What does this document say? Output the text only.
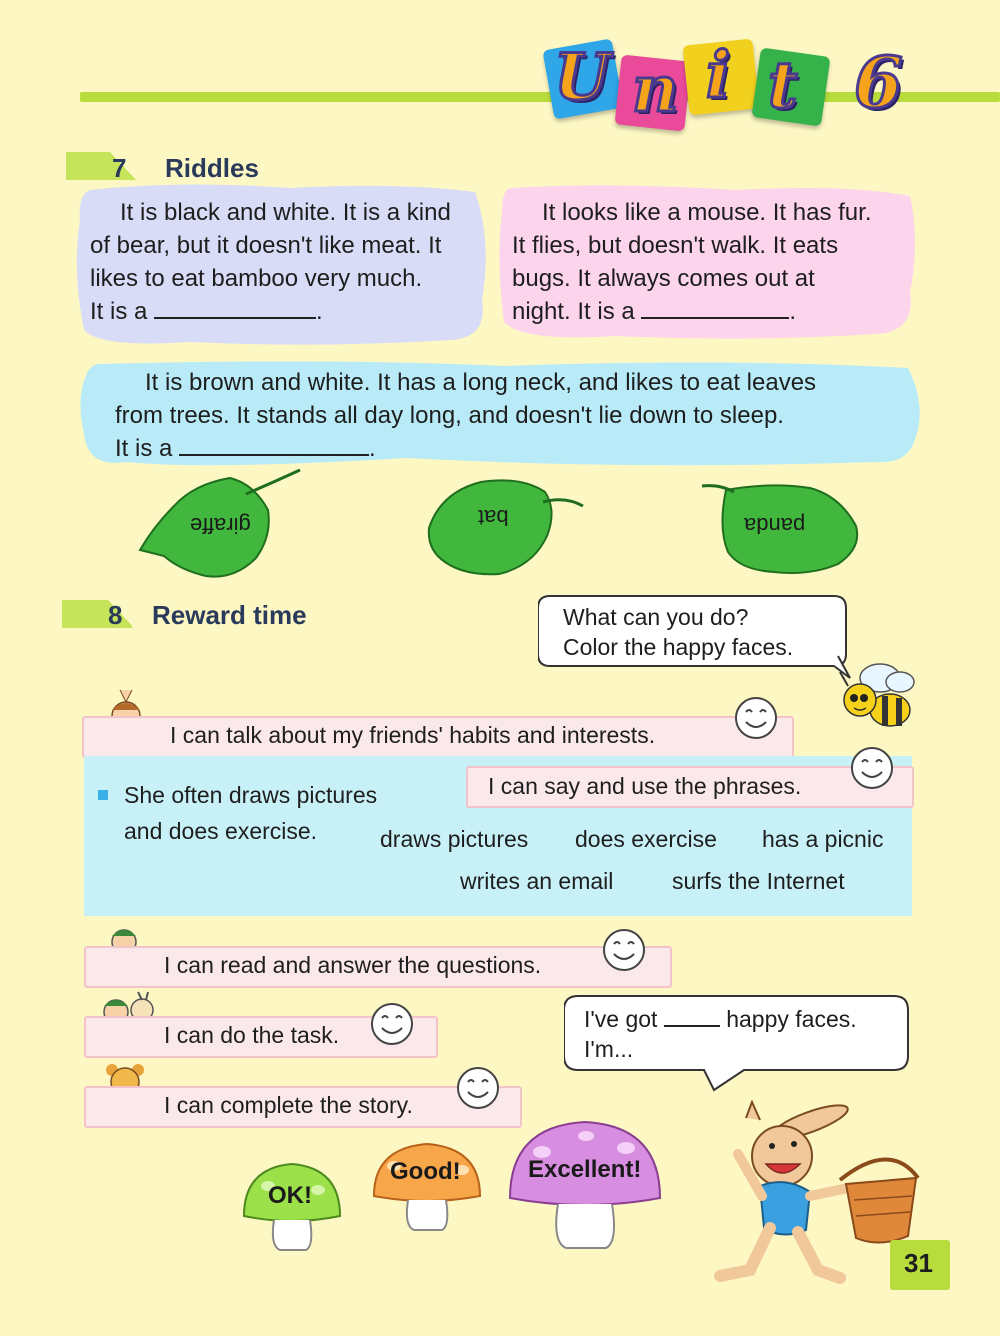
U n i t 6
7 Riddles

It is black and white. It is a kind

of bear, but it doesn't like meat. It

likes to eat bamboo very much.

It is a	.

It looks like a mouse. It has fur.

It flies, but doesn't walk. It eats

bugs. It always comes out at

night. It is a	.

It is brown and white. It has a long neck, and likes to eat leaves

from trees. It stands all day long, and doesn't lie down to sleep.

It is a	.

giraffe	bat	panda
8 Reward time	What can you do?
Color the happy faces.
I can talk about my friends' habits and interests.
She often draws pictures
and does exercise.
I can say and use the phrases.
draws pictures does exercise has a picnic
writes an email	surfs the Internet
I can read and answer the questions.
I can do the task.
I can complete the story.
I've got	happy faces.
I'm...
OK!
Good!	Excellent!
31
